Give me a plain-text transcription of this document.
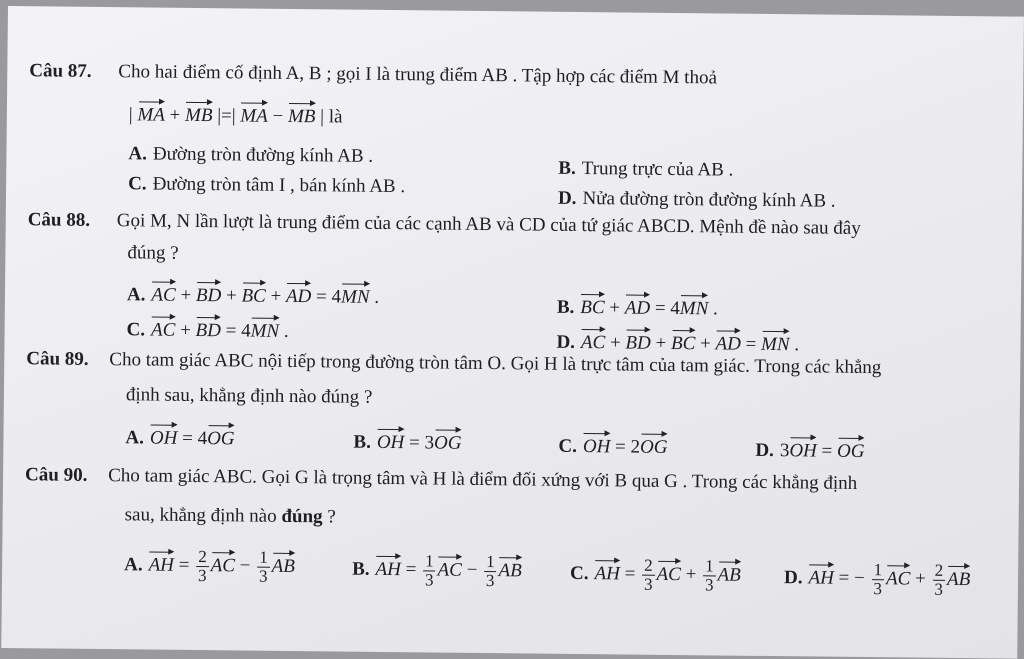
Câu 87. Cho hai điểm cố định A, B ; gọi I là trung điểm AB . Tập hợp các điểm M thoả
| MA + MB |=| MA − MB | là
A. Đường tròn đường kính AB .
B. Trung trực của AB .
C. Đường tròn tâm I , bán kính AB .
D. Nửa đường tròn đường kính AB .
Câu 88. Gọi M, N lần lượt là trung điểm của các cạnh AB và CD của tứ giác ABCD. Mệnh đề nào sau đây
đúng ?
A. AC + BD + BC + AD = 4MN .	B. BC + AD = 4MN .
C. AC + BD = 4MN .
D. AC + BD + BC + AD = MN .
Câu 89. Cho tam giác ABC nội tiếp trong đường tròn tâm O. Gọi H là trực tâm của tam giác. Trong các khẳng
định sau, khẳng định nào đúng ?
A. OH = 4OG	B. OH = 3OG	C. OH = 2OG	D. 3OH = OG
Câu 90. Cho tam giác ABC. Gọi G là trọng tâm và H là điểm đối xứng với B qua G . Trong các khẳng định
sau, khẳng định nào đúng ?
A. AH = $\frac{2}{3}$ AC − $\frac{1}{3}$ AB	B. AH = $\frac{1}{3}$ AC − $\frac{1}{3}$ AB	C. AH = $\frac{2}{3}$ AC + $\frac{1}{3}$ AB D. AH = − $\frac{1}{3}$ AC + $\frac{2}{3}$ AB
